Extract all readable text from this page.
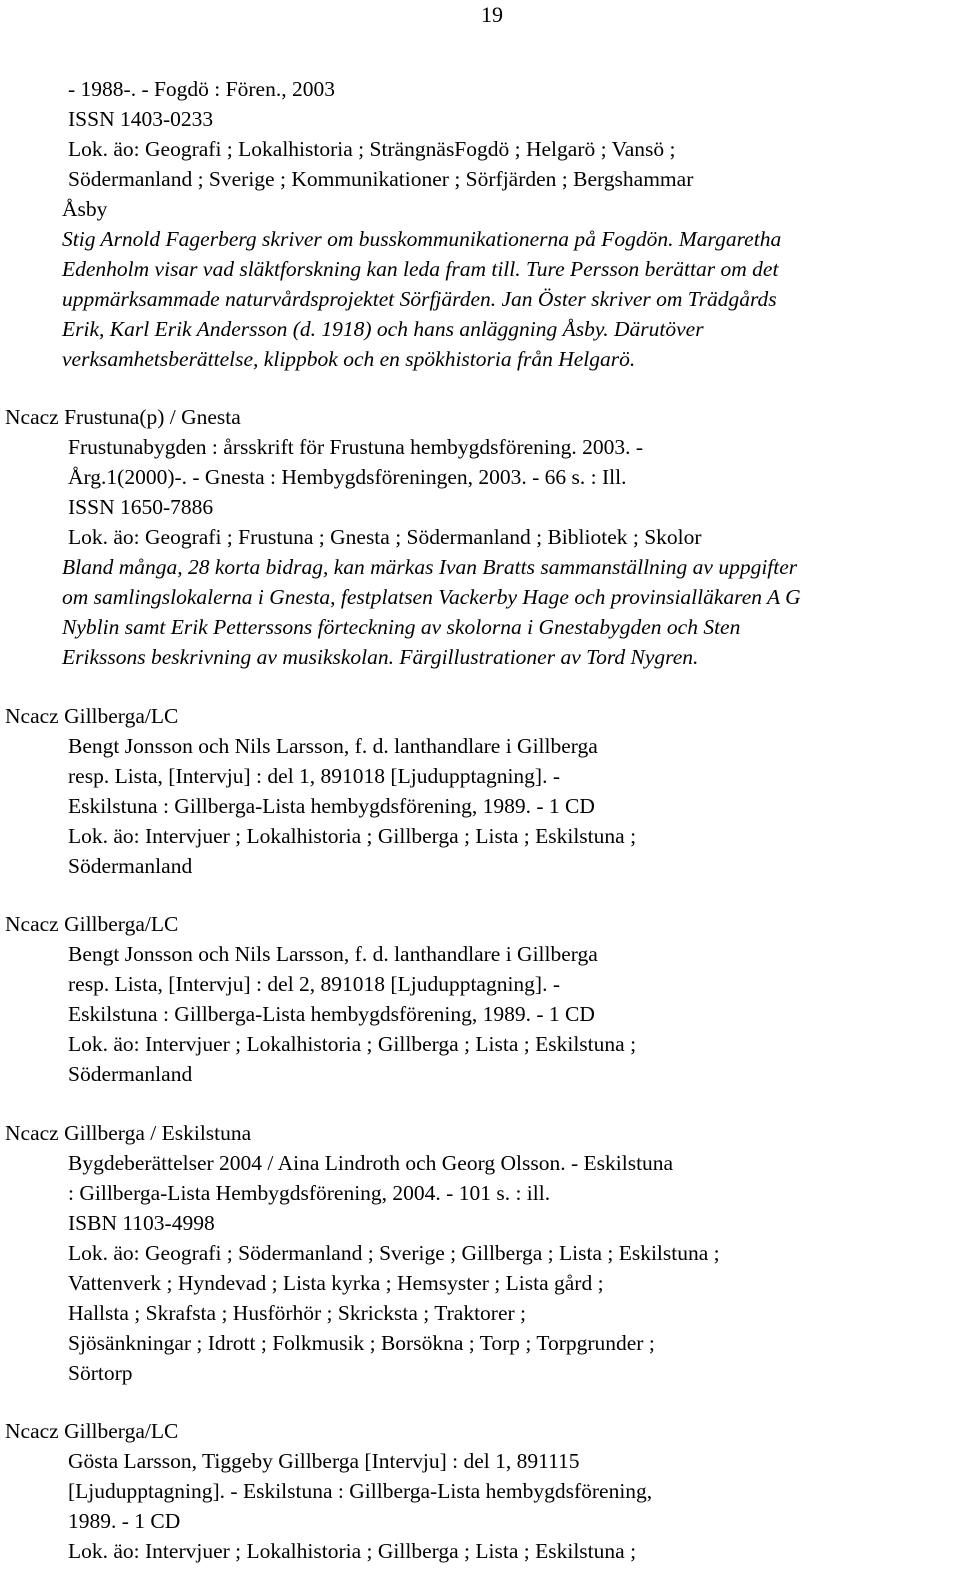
19
- 1988-. - Fogdö : Fören., 2003
ISSN 1403-0233
Lok. äo: Geografi ; Lokalhistoria ; SträngnäsFogdö ; Helgarö ; Vansö ;
Södermanland ; Sverige ; Kommunikationer ; Sörfjärden ; Bergshammar
Åsby
Stig Arnold Fagerberg skriver om busskommunikationerna på Fogdön. Margaretha
Edenholm visar vad släktforskning kan leda fram till. Ture Persson berättar om det
uppmärksammade naturvårdsprojektet Sörfjärden. Jan Öster skriver om Trädgårds
Erik, Karl Erik Andersson (d. 1918) och hans anläggning Åsby. Därutöver
verksamhetsberättelse, klippbok och en spökhistoria från Helgarö.
Ncacz Frustuna(p) / Gnesta
Frustunabygden : årsskrift för Frustuna hembygdsförening. 2003. -
Årg.1(2000)-. - Gnesta : Hembygdsföreningen, 2003. - 66 s. : Ill.
ISSN 1650-7886
Lok. äo: Geografi ; Frustuna ; Gnesta ; Södermanland ; Bibliotek ; Skolor
Bland många, 28 korta bidrag, kan märkas Ivan Bratts sammanställning av uppgifter
om samlingslokalerna i Gnesta, festplatsen Vackerby Hage och provinsialläkaren A G
Nyblin samt Erik Petterssons förteckning av skolorna i Gnestabygden och Sten
Erikssons beskrivning av musikskolan. Färgillustrationer av Tord Nygren.
Ncacz Gillberga/LC
Bengt Jonsson och Nils Larsson, f. d. lanthandlare i Gillberga
resp. Lista, [Intervju] : del 1, 891018 [Ljudupptagning]. -
Eskilstuna : Gillberga-Lista hembygdsförening, 1989. - 1 CD
Lok. äo: Intervjuer ; Lokalhistoria ; Gillberga ; Lista ; Eskilstuna ;
Södermanland
Ncacz Gillberga/LC
Bengt Jonsson och Nils Larsson, f. d. lanthandlare i Gillberga
resp. Lista, [Intervju] : del 2, 891018 [Ljudupptagning]. -
Eskilstuna : Gillberga-Lista hembygdsförening, 1989. - 1 CD
Lok. äo: Intervjuer ; Lokalhistoria ; Gillberga ; Lista ; Eskilstuna ;
Södermanland
Ncacz Gillberga / Eskilstuna
Bygdeberättelser 2004 / Aina Lindroth och Georg Olsson. - Eskilstuna
: Gillberga-Lista Hembygdsförening, 2004. - 101 s. : ill.
ISBN 1103-4998
Lok. äo: Geografi ; Södermanland ; Sverige ; Gillberga ; Lista ; Eskilstuna ;
Vattenverk ; Hyndevad ; Lista kyrka ; Hemsyster ; Lista gård ;
Hallsta ; Skrafsta ; Husförhör ; Skricksta ; Traktorer ;
Sjösänkningar ; Idrott ; Folkmusik ; Borsökna ; Torp ; Torpgrunder ;
Sörtorp
Ncacz Gillberga/LC
Gösta Larsson, Tiggeby Gillberga [Intervju] : del 1, 891115
[Ljudupptagning]. - Eskilstuna : Gillberga-Lista hembygdsförening,
1989. - 1 CD
Lok. äo: Intervjuer ; Lokalhistoria ; Gillberga ; Lista ; Eskilstuna ;
